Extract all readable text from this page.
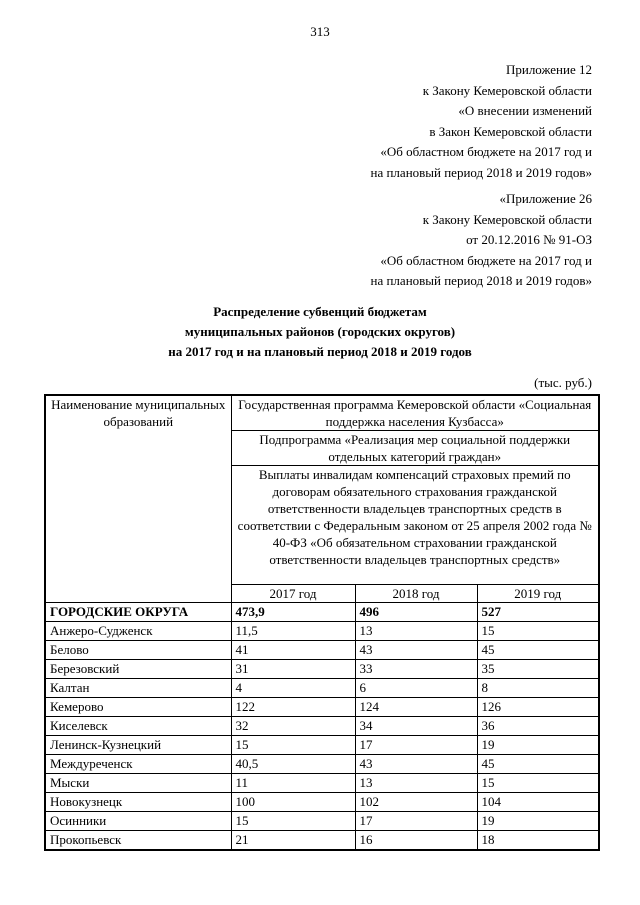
313
Приложение 12
к Закону Кемеровской области
«О внесении изменений
в Закон Кемеровской области
«Об областном бюджете на 2017 год и
на плановый период 2018 и 2019 годов»
«Приложение 26
к Закону Кемеровской области
от 20.12.2016 № 91-ОЗ
«Об областном бюджете на 2017 год и
на плановый период 2018 и 2019 годов»
Распределение субвенций бюджетам
муниципальных районов (городских округов)
на 2017 год и на плановый период 2018 и 2019 годов
(тыс. руб.)
Наименование муниципальных образований	Государственная программа Кемеровской области «Социальная поддержка населения Кузбасса»		
	Подпрограмма «Реализация мер социальной поддержки отдельных категорий граждан»		
	Выплаты инвалидам компенсаций страховых премий по договорам обязательного страхования гражданской ответственности владельцев транспортных средств в соответствии с Федеральным законом от 25 апреля 2002 года № 40-ФЗ «Об обязательном страховании гражданской ответственности владельцев транспортных средств»		
	2017 год	2018 год	2019 год
ГОРОДСКИЕ ОКРУГА	473,9	496	527
Анжеро-Судженск	11,5	13	15
Белово	41	43	45
Березовский	31	33	35
Калтан	4	6	8
Кемерово	122	124	126
Киселевск	32	34	36
Ленинск-Кузнецкий	15	17	19
Междуреченск	40,5	43	45
Мыски	11	13	15
Новокузнецк	100	102	104
Осинники	15	17	19
Прокопьевск	21	16	18
